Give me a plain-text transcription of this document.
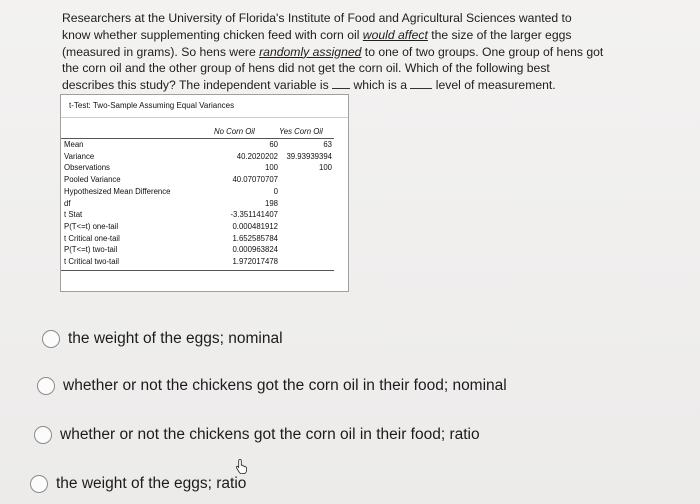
Researchers at the University of Florida's Institute of Food and Agricultural Sciences wanted to
know whether supplementing chicken feed with corn oil would affect the size of the larger eggs
(measured in grams). So hens were randomly assigned to one of two groups. One group of hens got
the corn oil and the other group of hens did not get the corn oil. Which of the following best
describes this study? The independent variable is  which is a  level of measurement.
t-Test: Two-Sample Assuming Equal Variances
No Corn Oil	Yes Corn Oil
Mean	60	63
Variance	40.2020202 39.93939394
Observations	100	100
Pooled Variance	40.07070707
Hypothesized Mean Difference	0
df	198
t Stat	-3.351141407
P(T<=t) one-tail	0.000481912
t Critical one-tail	1.652585784
P(T<=t) two-tail	0.000963824
t Critical two-tail	1.972017478
the weight of the eggs; nominal
whether or not the chickens got the corn oil in their food; nominal
whether or not the chickens got the corn oil in their food; ratio
the weight of the eggs; ratio
